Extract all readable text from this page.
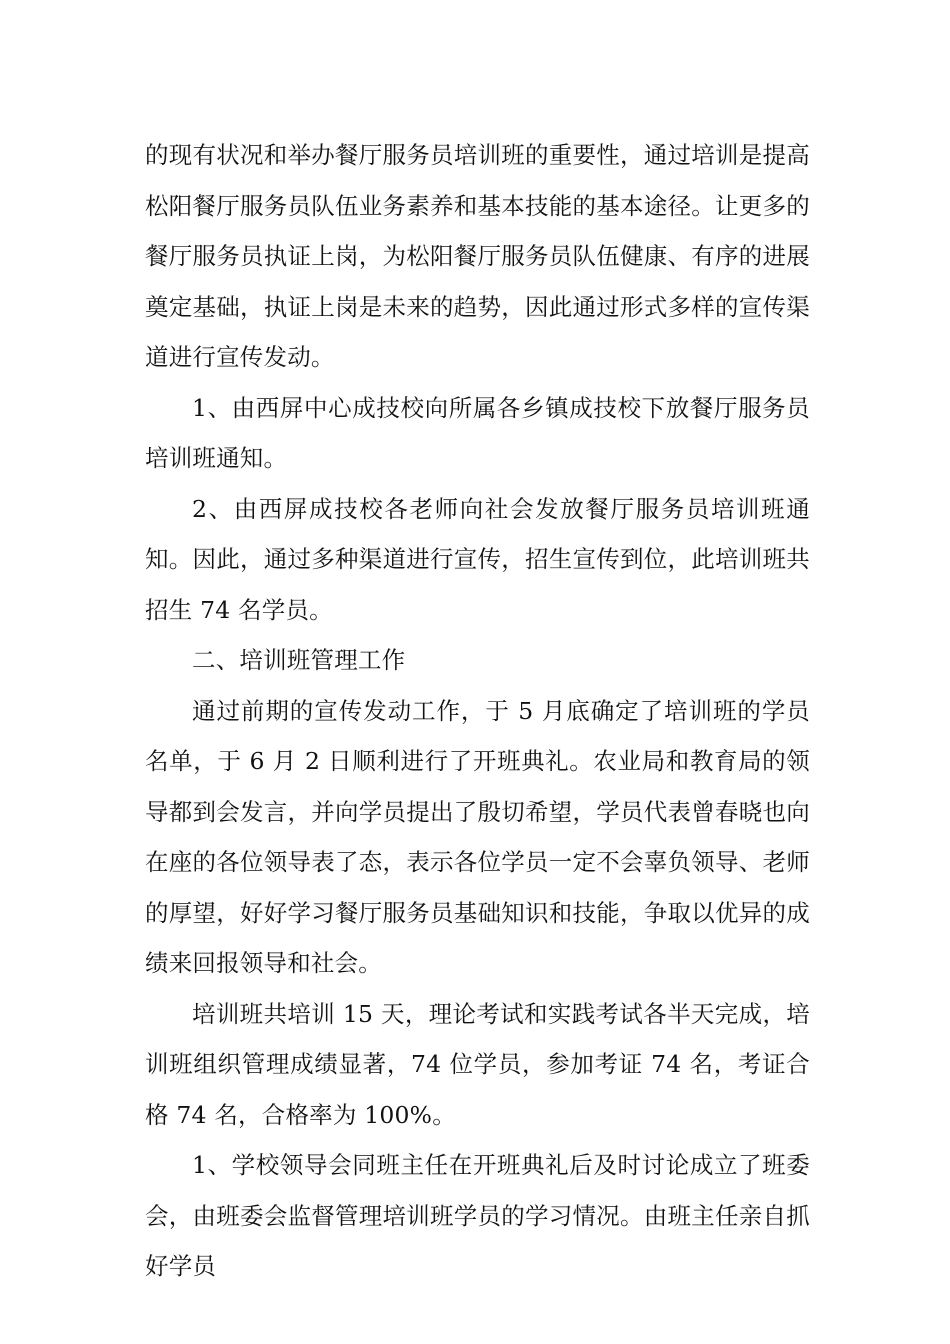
的现有状况和举办餐厅服务员培训班的重要性，通过培训是提高松阳餐厅服务员队伍业务素养和基本技能的基本途径。让更多的餐厅服务员执证上岗，为松阳餐厅服务员队伍健康、有序的进展奠定基础，执证上岗是未来的趋势，因此通过形式多样的宣传渠道进行宣传发动。

1、由西屏中心成技校向所属各乡镇成技校下放餐厅服务员培训班通知。

2、由西屏成技校各老师向社会发放餐厅服务员培训班通知。因此，通过多种渠道进行宣传，招生宣传到位，此培训班共招生 74 名学员。

二、培训班管理工作

通过前期的宣传发动工作，于 5 月底确定了培训班的学员名单，于 6 月 2 日顺利进行了开班典礼。农业局和教育局的领导都到会发言，并向学员提出了殷切希望，学员代表曾春晓也向在座的各位领导表了态，表示各位学员一定不会辜负领导、老师的厚望，好好学习餐厅服务员基础知识和技能，争取以优异的成绩来回报领导和社会。

培训班共培训 15 天，理论考试和实践考试各半天完成，培训班组织管理成绩显著，74 位学员，参加考证 74 名，考证合格 74 名，合格率为 100%。

1、学校领导会同班主任在开班典礼后及时讨论成立了班委会，由班委会监督管理培训班学员的学习情况。由班主任亲自抓好学员
